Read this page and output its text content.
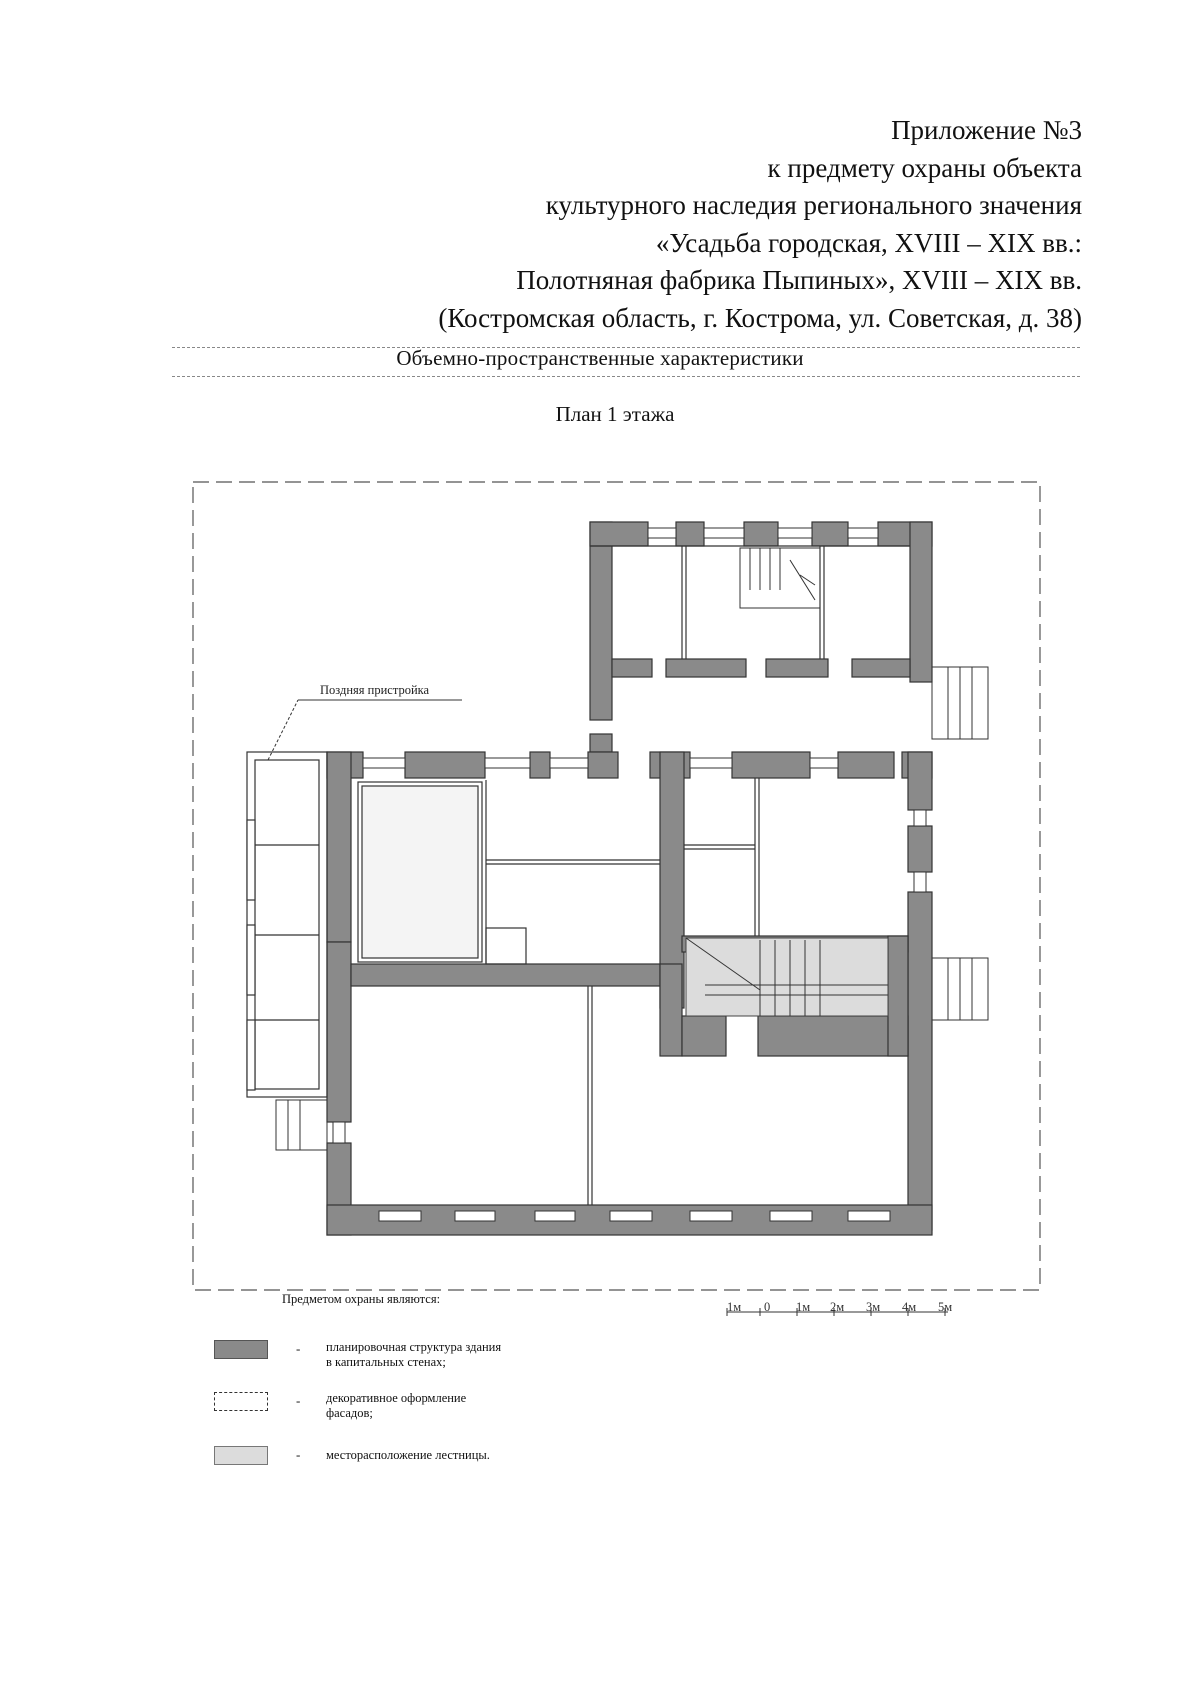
Приложение №3
к предмету охраны объекта
культурного наследия регионального значения
«Усадьба городская, XVIII – XIX вв.:
Полотняная фабрика Пыпиных», XVIII – XIX вв.
(Костромская область, г. Кострома, ул. Советская, д. 38)
Объемно-пространственные характеристики
План 1 этажа
Поздняя пристройка
1м 0 1м 2м 3м 4м 5м
Предметом охраны являются:
- планировочная структура здания
в капитальных стенах;
- декоративное оформление
фасадов;
- месторасположение лестницы.
